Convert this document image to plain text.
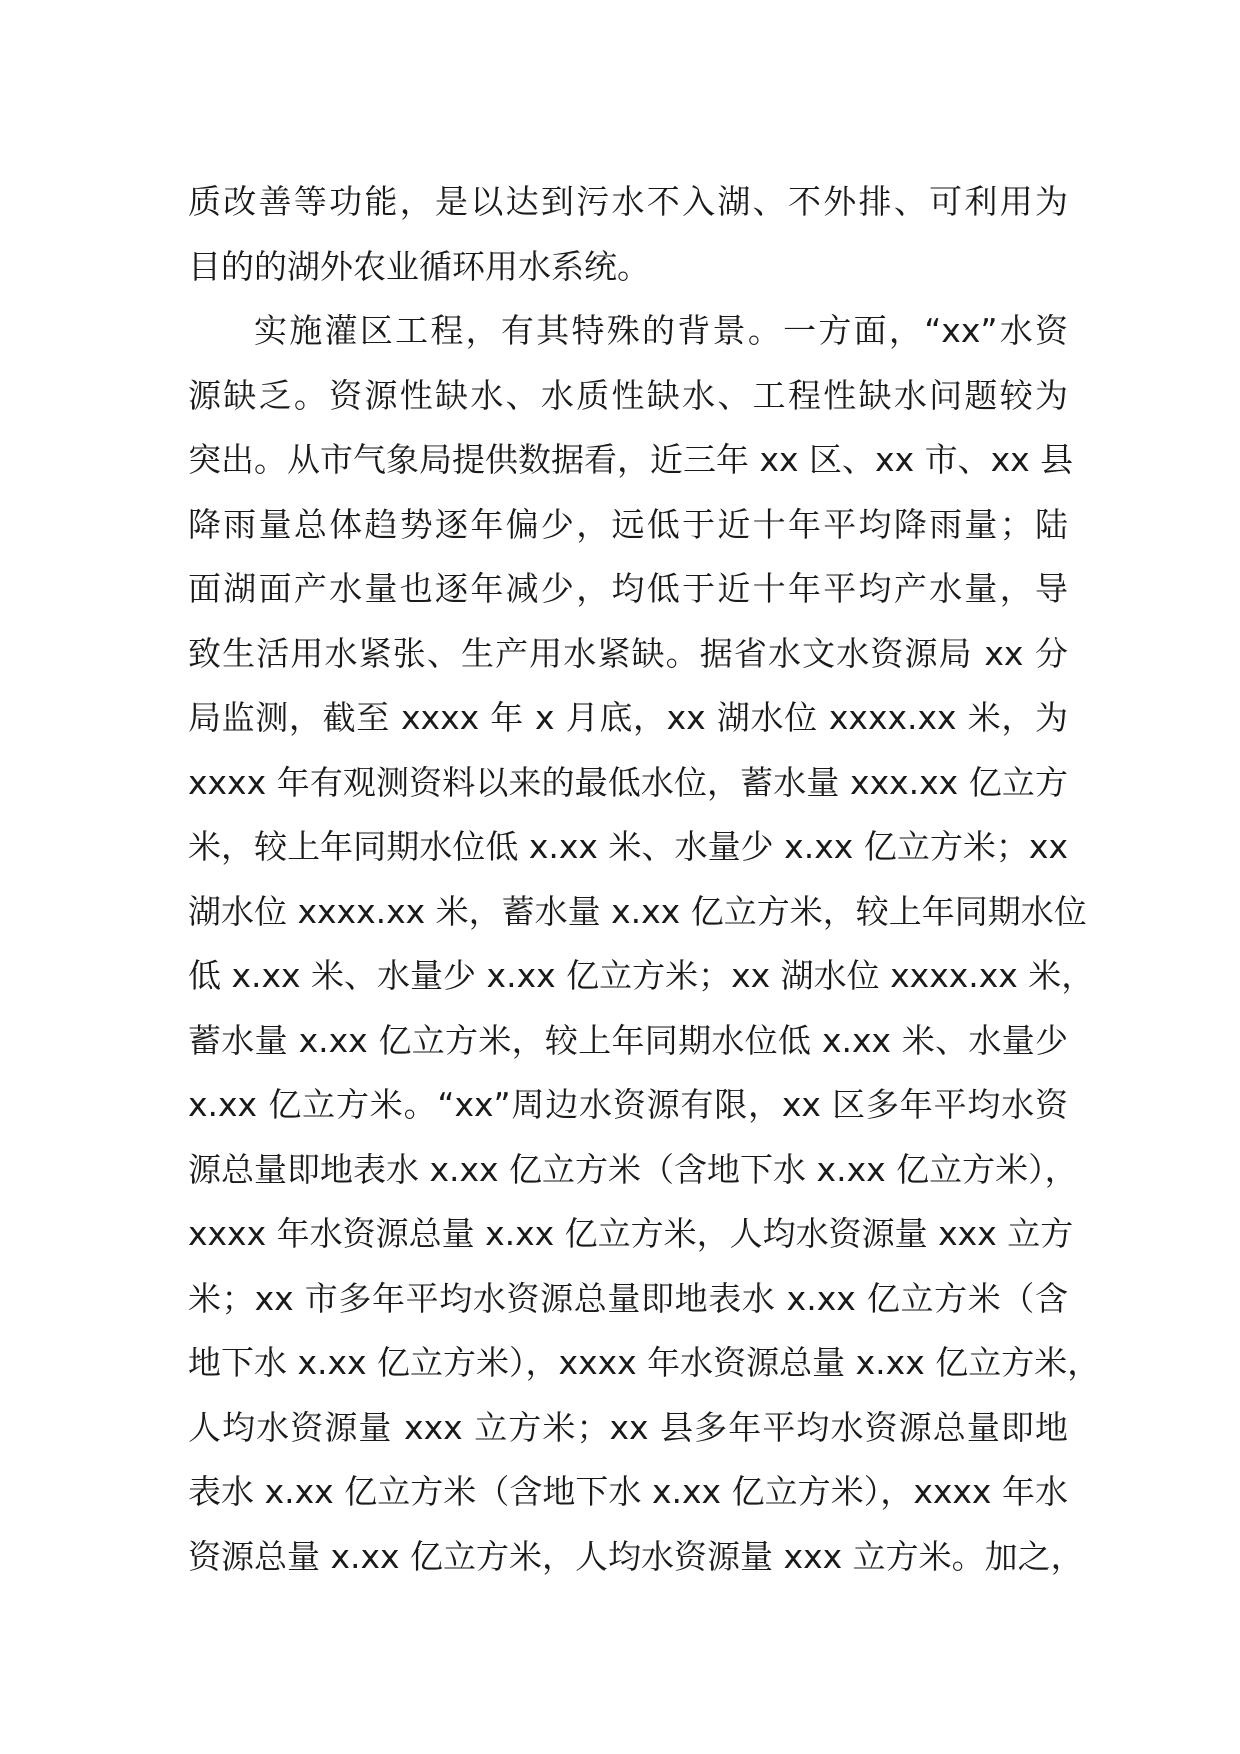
质改善等功能，是以达到污水不入湖、不外排、可利用为
目的的湖外农业循环用水系统。
实施灌区工程，有其特殊的背景。一方面，“xx”水资
源缺乏。资源性缺水、水质性缺水、工程性缺水问题较为
突出。从市气象局提供数据看，近三年 xx 区、xx 市、xx 县
降雨量总体趋势逐年偏少，远低于近十年平均降雨量；陆
面湖面产水量也逐年减少，均低于近十年平均产水量，导
致生活用水紧张、生产用水紧缺。据省水文水资源局 xx 分
局监测，截至 xxxx 年 x 月底，xx 湖水位 xxxx.xx 米，为
xxxx 年有观测资料以来的最低水位，蓄水量 xxx.xx 亿立方
米，较上年同期水位低 x.xx 米、水量少 x.xx 亿立方米；xx
湖水位 xxxx.xx 米，蓄水量 x.xx 亿立方米，较上年同期水位
低 x.xx 米、水量少 x.xx 亿立方米；xx 湖水位 xxxx.xx 米，
蓄水量 x.xx 亿立方米，较上年同期水位低 x.xx 米、水量少
x.xx 亿立方米。“xx”周边水资源有限，xx 区多年平均水资
源总量即地表水 x.xx 亿立方米（含地下水 x.xx 亿立方米），
xxxx 年水资源总量 x.xx 亿立方米，人均水资源量 xxx 立方
米；xx 市多年平均水资源总量即地表水 x.xx 亿立方米（含
地下水 x.xx 亿立方米），xxxx 年水资源总量 x.xx 亿立方米，
人均水资源量 xxx 立方米；xx 县多年平均水资源总量即地
表水 x.xx 亿立方米（含地下水 x.xx 亿立方米），xxxx 年水
资源总量 x.xx 亿立方米，人均水资源量 xxx 立方米。加之，
